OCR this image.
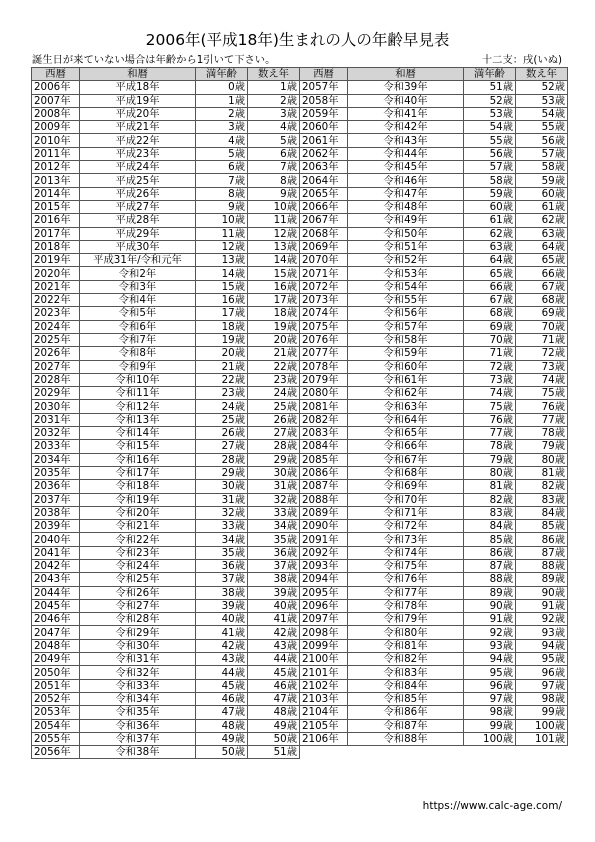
2006年(平成18年)生まれの人の年齢早見表
誕生日が来ていない場合は年齢から1引いて下さい。	十二支：戌(いぬ)
西暦	和暦	満年齢	数え年
2006年	平成18年	0歳	1歳
2007年	平成19年	1歳	2歳
2008年	平成20年	2歳	3歳
2009年	平成21年	3歳	4歳
2010年	平成22年	4歳	5歳
2011年	平成23年	5歳	6歳
2012年	平成24年	6歳	7歳
2013年	平成25年	7歳	8歳
2014年	平成26年	8歳	9歳
2015年	平成27年	9歳	10歳
2016年	平成28年	10歳	11歳
2017年	平成29年	11歳	12歳
2018年	平成30年	12歳	13歳
2019年	平成31年/令和元年	13歳	14歳
2020年	令和2年	14歳	15歳
2021年	令和3年	15歳	16歳
2022年	令和4年	16歳	17歳
2023年	令和5年	17歳	18歳
2024年	令和6年	18歳	19歳
2025年	令和7年	19歳	20歳
2026年	令和8年	20歳	21歳
2027年	令和9年	21歳	22歳
2028年	令和10年	22歳	23歳
2029年	令和11年	23歳	24歳
2030年	令和12年	24歳	25歳
2031年	令和13年	25歳	26歳
2032年	令和14年	26歳	27歳
2033年	令和15年	27歳	28歳
2034年	令和16年	28歳	29歳
2035年	令和17年	29歳	30歳
2036年	令和18年	30歳	31歳
2037年	令和19年	31歳	32歳
2038年	令和20年	32歳	33歳
2039年	令和21年	33歳	34歳
2040年	令和22年	34歳	35歳
2041年	令和23年	35歳	36歳
2042年	令和24年	36歳	37歳
2043年	令和25年	37歳	38歳
2044年	令和26年	38歳	39歳
2045年	令和27年	39歳	40歳
2046年	令和28年	40歳	41歳
2047年	令和29年	41歳	42歳
2048年	令和30年	42歳	43歳
2049年	令和31年	43歳	44歳
2050年	令和32年	44歳	45歳
2051年	令和33年	45歳	46歳
2052年	令和34年	46歳	47歳
2053年	令和35年	47歳	48歳
2054年	令和36年	48歳	49歳
2055年	令和37年	49歳	50歳
2056年	令和38年	50歳	51歳
西暦	和暦	満年齢	数え年
2057年	令和39年	51歳	52歳
2058年	令和40年	52歳	53歳
2059年	令和41年	53歳	54歳
2060年	令和42年	54歳	55歳
2061年	令和43年	55歳	56歳
2062年	令和44年	56歳	57歳
2063年	令和45年	57歳	58歳
2064年	令和46年	58歳	59歳
2065年	令和47年	59歳	60歳
2066年	令和48年	60歳	61歳
2067年	令和49年	61歳	62歳
2068年	令和50年	62歳	63歳
2069年	令和51年	63歳	64歳
2070年	令和52年	64歳	65歳
2071年	令和53年	65歳	66歳
2072年	令和54年	66歳	67歳
2073年	令和55年	67歳	68歳
2074年	令和56年	68歳	69歳
2075年	令和57年	69歳	70歳
2076年	令和58年	70歳	71歳
2077年	令和59年	71歳	72歳
2078年	令和60年	72歳	73歳
2079年	令和61年	73歳	74歳
2080年	令和62年	74歳	75歳
2081年	令和63年	75歳	76歳
2082年	令和64年	76歳	77歳
2083年	令和65年	77歳	78歳
2084年	令和66年	78歳	79歳
2085年	令和67年	79歳	80歳
2086年	令和68年	80歳	81歳
2087年	令和69年	81歳	82歳
2088年	令和70年	82歳	83歳
2089年	令和71年	83歳	84歳
2090年	令和72年	84歳	85歳
2091年	令和73年	85歳	86歳
2092年	令和74年	86歳	87歳
2093年	令和75年	87歳	88歳
2094年	令和76年	88歳	89歳
2095年	令和77年	89歳	90歳
2096年	令和78年	90歳	91歳
2097年	令和79年	91歳	92歳
2098年	令和80年	92歳	93歳
2099年	令和81年	93歳	94歳
2100年	令和82年	94歳	95歳
2101年	令和83年	95歳	96歳
2102年	令和84年	96歳	97歳
2103年	令和85年	97歳	98歳
2104年	令和86年	98歳	99歳
2105年	令和87年	99歳	100歳
2106年	令和88年	100歳	101歳
https://www.calc-age.com/
